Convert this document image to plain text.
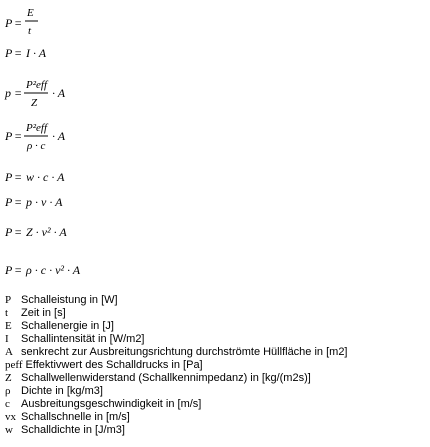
P =
E
t
P = I · A
p =
P²eff
Z
· A
P =
P²eff
ρ · c
· A
P = w · c · A
P = p · v · A
P = Z · v² · A
P = ρ · c · v² · A
P Schalleistung in [W]
t	Zeit in [s]
E Schallenergie in [J]
I	Schallintensität in [W/m2]
A senkrecht zur Ausbreitungsrichtung durchströmte Hüllfläche in [m2]
peff Effektivwert des Schalldrucks in [Pa]
Z Schallwellenwiderstand (Schallkennimpedanz) in [kg/(m2s)]
ρ Dichte in [kg/m3]
c	Ausbreitungsgeschwindigkeit in [m/s]
vx Schallschnelle in [m/s]
w Schalldichte in [J/m3]
